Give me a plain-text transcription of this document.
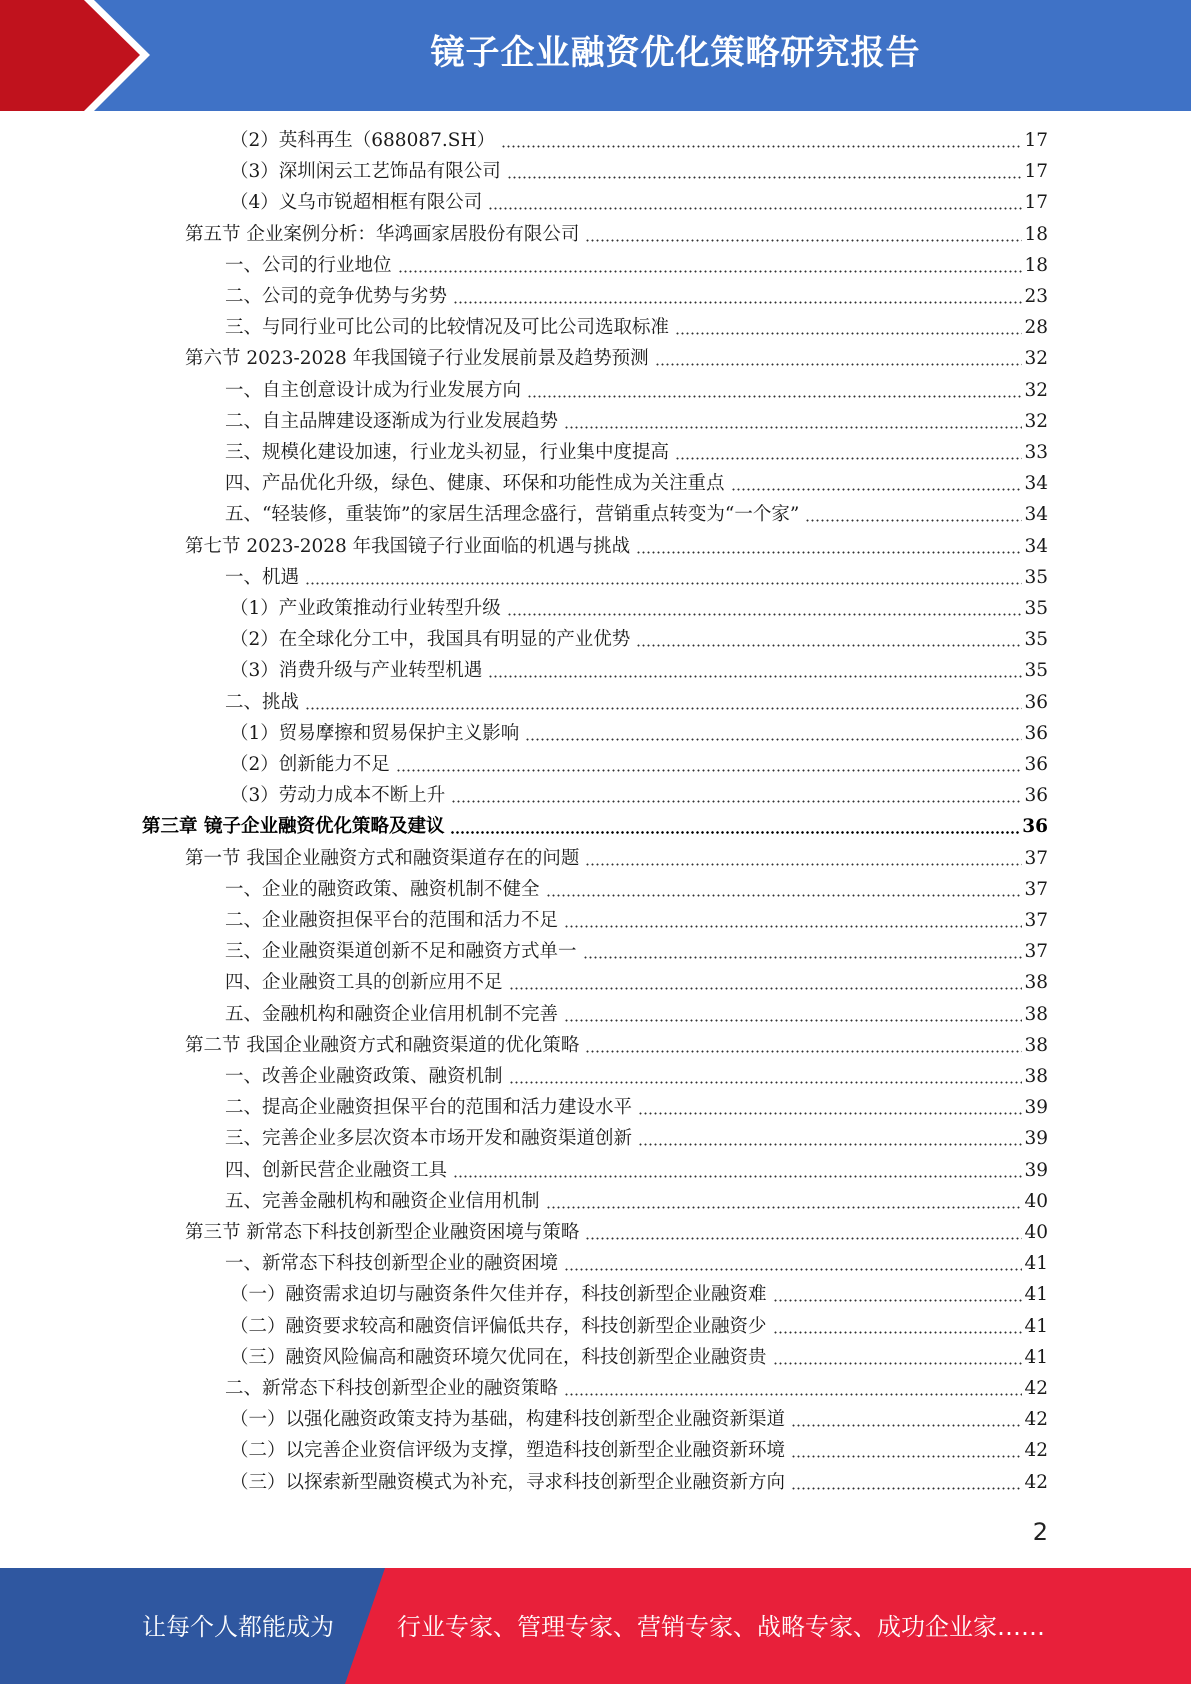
镜子企业融资优化策略研究报告
（2）英科再生（688087.SH）	17
（3）深圳闲云工艺饰品有限公司	17
（4）义乌市锐超相框有限公司	17
第五节 企业案例分析：华鸿画家居股份有限公司	18
一、公司的行业地位	18
二、公司的竞争优势与劣势	23
三、与同行业可比公司的比较情况及可比公司选取标准	28
第六节 2023-2028 年我国镜子行业发展前景及趋势预测	32
一、自主创意设计成为行业发展方向	32
二、自主品牌建设逐渐成为行业发展趋势	32
三、规模化建设加速，行业龙头初显，行业集中度提高	33
四、产品优化升级，绿色、健康、环保和功能性成为关注重点	34
五、“轻装修，重装饰”的家居生活理念盛行，营销重点转变为“一个家”	34
第七节 2023-2028 年我国镜子行业面临的机遇与挑战	34
一、机遇	35
（1）产业政策推动行业转型升级	35
（2）在全球化分工中，我国具有明显的产业优势	35
（3）消费升级与产业转型机遇	35
二、挑战	36
（1）贸易摩擦和贸易保护主义影响	36
（2）创新能力不足	36
（3）劳动力成本不断上升	36
第三章 镜子企业融资优化策略及建议	36
第一节 我国企业融资方式和融资渠道存在的问题	37
一、企业的融资政策、融资机制不健全	37
二、企业融资担保平台的范围和活力不足	37
三、企业融资渠道创新不足和融资方式单一	37
四、企业融资工具的创新应用不足	38
五、金融机构和融资企业信用机制不完善	38
第二节 我国企业融资方式和融资渠道的优化策略	38
一、改善企业融资政策、融资机制	38
二、提高企业融资担保平台的范围和活力建设水平	39
三、完善企业多层次资本市场开发和融资渠道创新	39
四、创新民营企业融资工具	39
五、完善金融机构和融资企业信用机制	40
第三节 新常态下科技创新型企业融资困境与策略	40
一、新常态下科技创新型企业的融资困境	41
（一）融资需求迫切与融资条件欠佳并存，科技创新型企业融资难	41
（二）融资要求较高和融资信评偏低共存，科技创新型企业融资少	41
（三）融资风险偏高和融资环境欠优同在，科技创新型企业融资贵	41
二、新常态下科技创新型企业的融资策略	42
（一）以强化融资政策支持为基础，构建科技创新型企业融资新渠道	42
（二）以完善企业资信评级为支撑，塑造科技创新型企业融资新环境	42
（三）以探索新型融资模式为补充，寻求科技创新型企业融资新方向	42
2
让每个人都能成为	行业专家、管理专家、营销专家、战略专家、成功企业家……
